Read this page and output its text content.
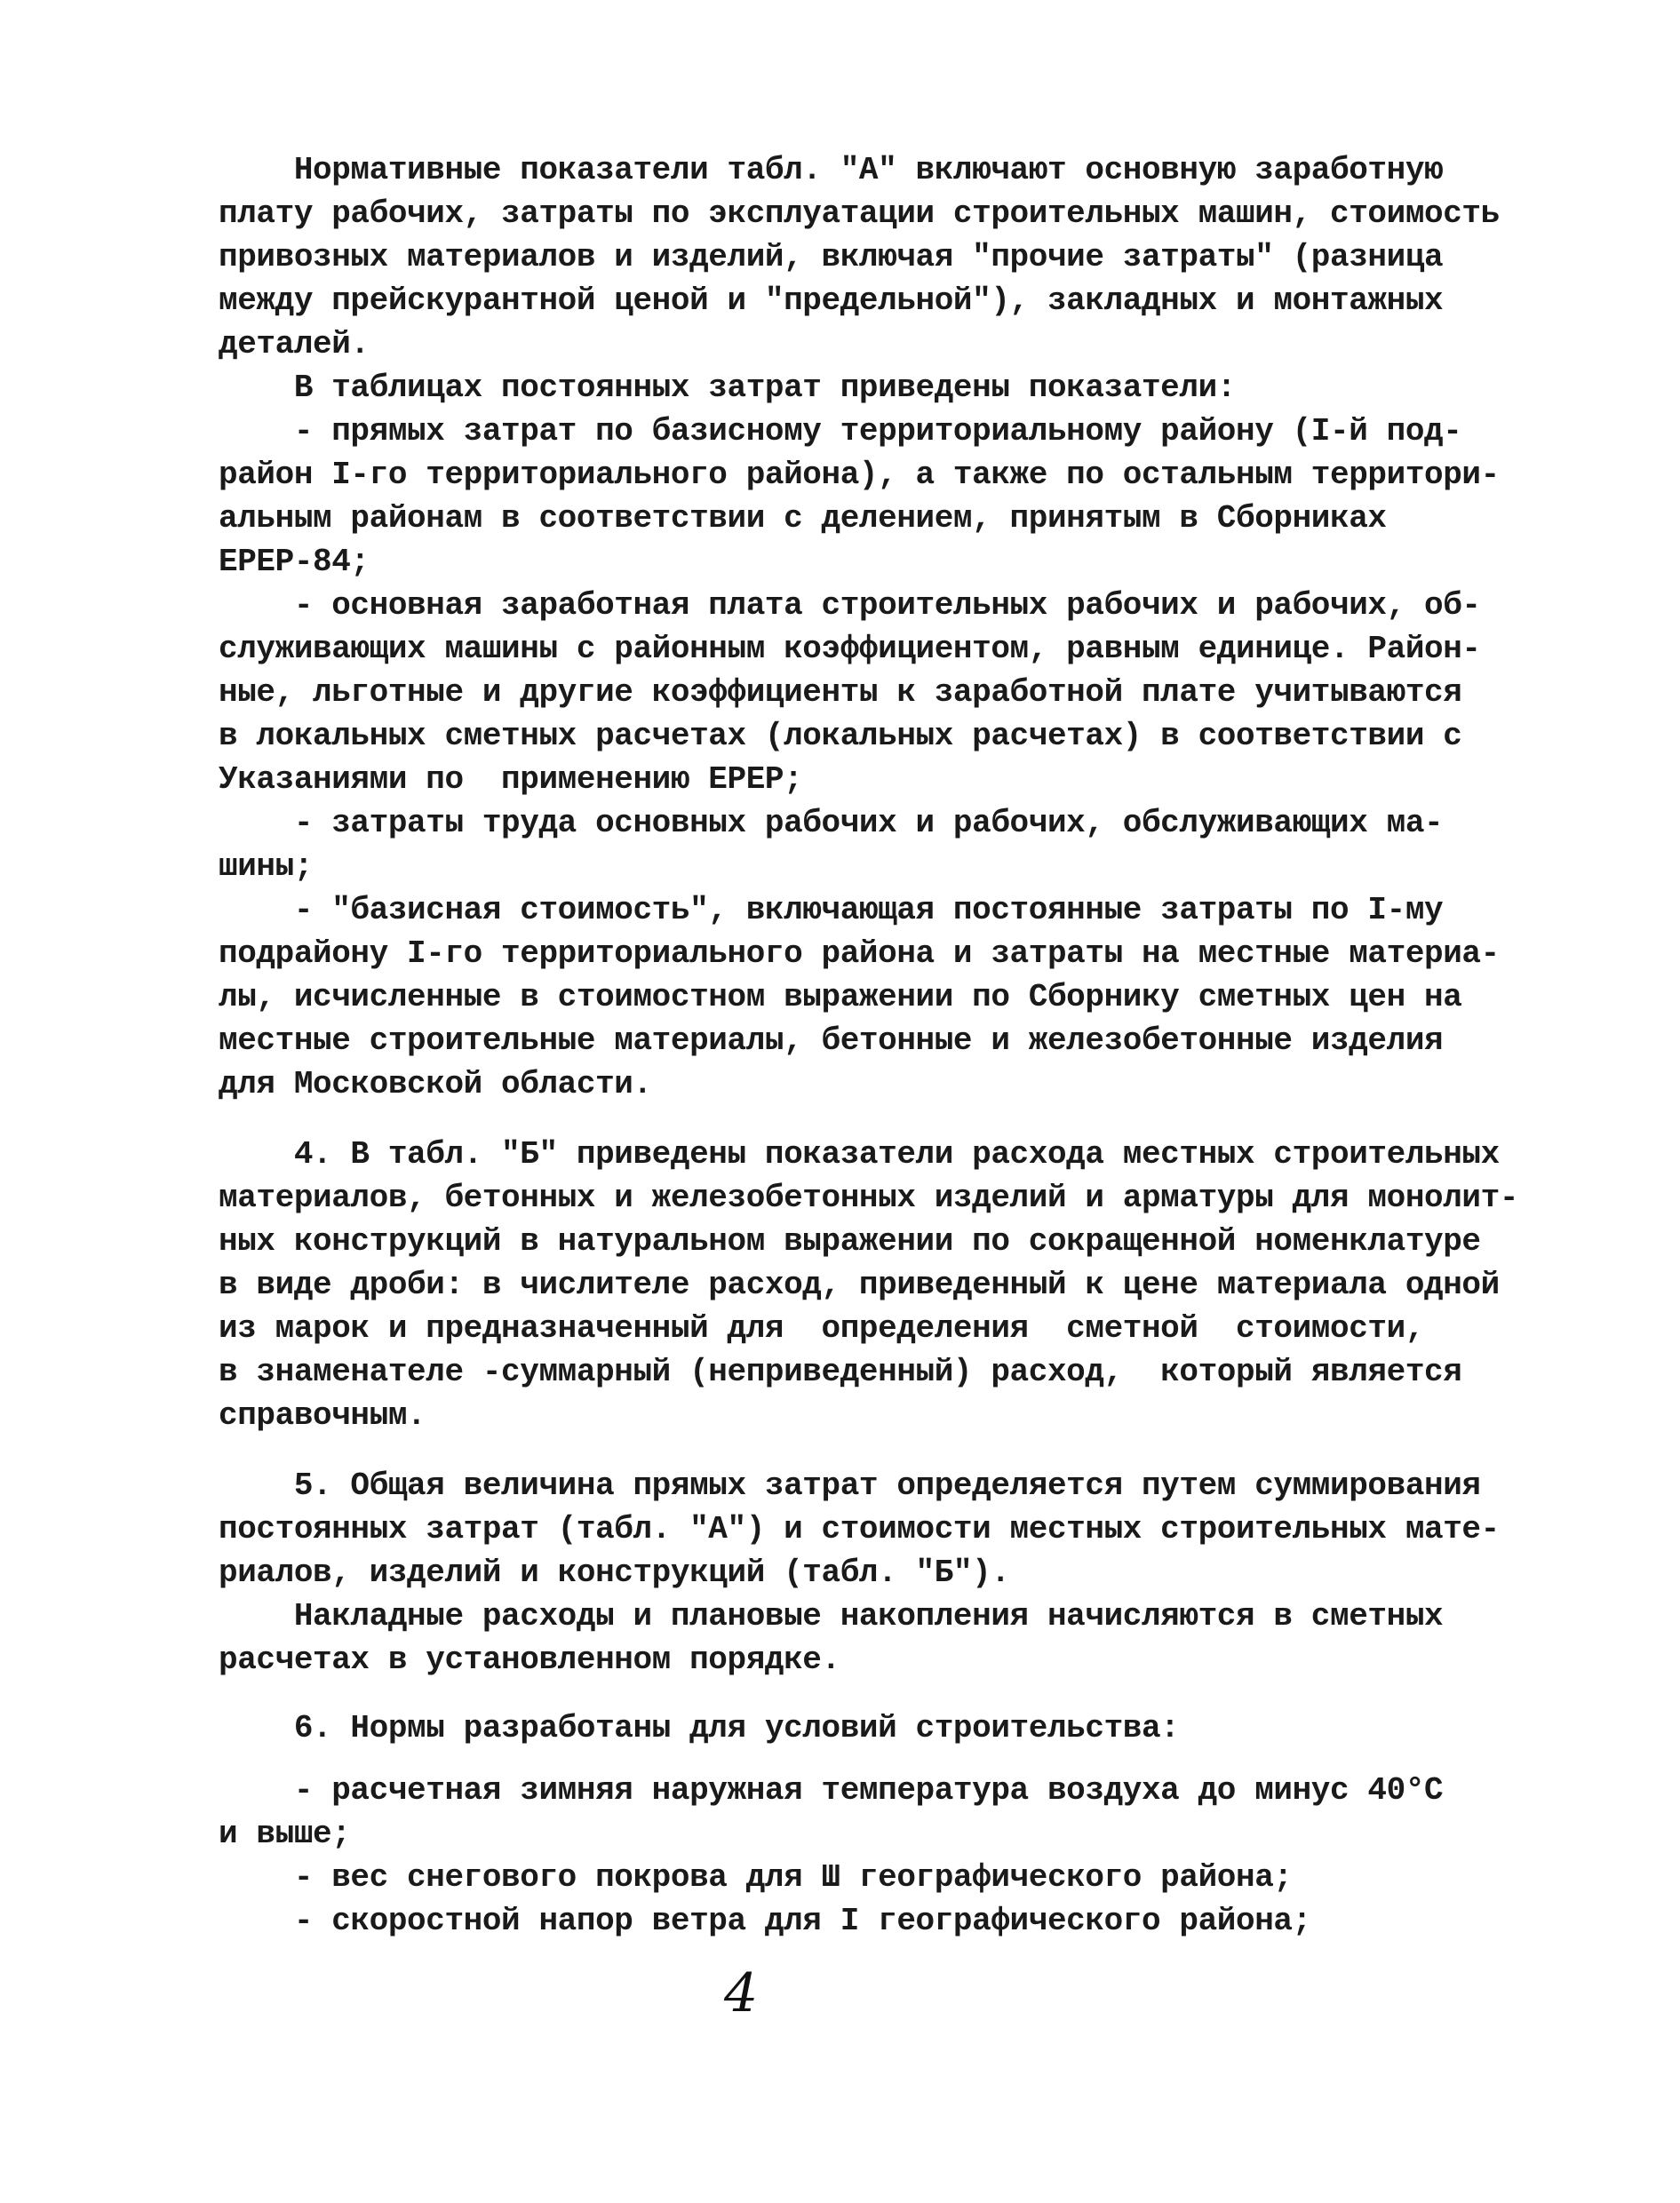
Нормативные показатели табл. "А" включают основную заработную
плату рабочих, затраты по эксплуатации строительных машин, стоимость
привозных материалов и изделий, включая "прочие затраты" (разница
между прейскурантной ценой и "предельной"), закладных и монтажных
деталей.
В таблицах постоянных затрат приведены показатели:
- прямых затрат по базисному территориальному району (I-й под-
район I-го территориального района), а также по остальным территори-
альным районам в соответствии с делением, принятым в Сборниках
ЕРЕР-84;
- основная заработная плата строительных рабочих и рабочих, об-
служивающих машины с районным коэффициентом, равным единице. Район-
ные, льготные и другие коэффициенты к заработной плате учитываются
в локальных сметных расчетах (локальных расчетах) в соответствии с
Указаниями по  применению ЕРЕР;
- затраты труда основных рабочих и рабочих, обслуживающих ма-
шины;
- "базисная стоимость", включающая постоянные затраты по I-му
подрайону I-го территориального района и затраты на местные материа-
лы, исчисленные в стоимостном выражении по Сборнику сметных цен на
местные строительные материалы, бетонные и железобетонные изделия
для Московской области.
4. В табл. "Б" приведены показатели расхода местных строительных
материалов, бетонных и железобетонных изделий и арматуры для монолит-
ных конструкций в натуральном выражении по сокращенной номенклатуре
в виде дроби: в числителе расход, приведенный к цене материала одной
из марок и предназначенный для  определения  сметной  стоимости,
в знаменателе -суммарный (неприведенный) расход,  который является
справочным.
5. Общая величина прямых затрат определяется путем суммирования
постоянных затрат (табл. "А") и стоимости местных строительных мате-
риалов, изделий и конструкций (табл. "Б").
Накладные расходы и плановые накопления начисляются в сметных
расчетах в установленном порядке.
6. Нормы разработаны для условий строительства:
- расчетная зимняя наружная температура воздуха до минус 40°С
и выше;
- вес снегового покрова для Ш географического района;
- скоростной напор ветра для I географического района;
4
